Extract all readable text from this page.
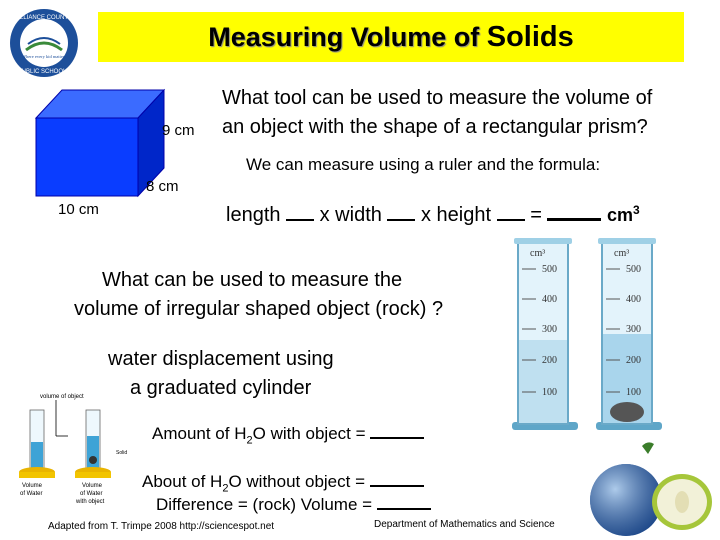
ALLIANCE COUNTY
Where every kid matters
PUBLIC SCHOOLS
Measuring Volume of Solids
9 cm
8 cm
10 cm
What tool can be used to measure the volume of
an object with the shape of a rectangular prism?
We can measure using a ruler and the formula:
length x width x height =	$cm^3$
What can be used to measure the
volume of irregular shaped object (rock) ?
water displacement using
a graduated cylinder
cm³	cm³
500
400
300
200
100
500
400
300
200
100
volume of object
Solid
Volume
of Water
Volume
of Water
with object
Amount of $H_2O$ with object =
About of $H_2O$ without object =
Difference = (rock) Volume =
Adapted from T. Trimpe 2008 http://sciencespot.net	Department of Mathematics and Science
